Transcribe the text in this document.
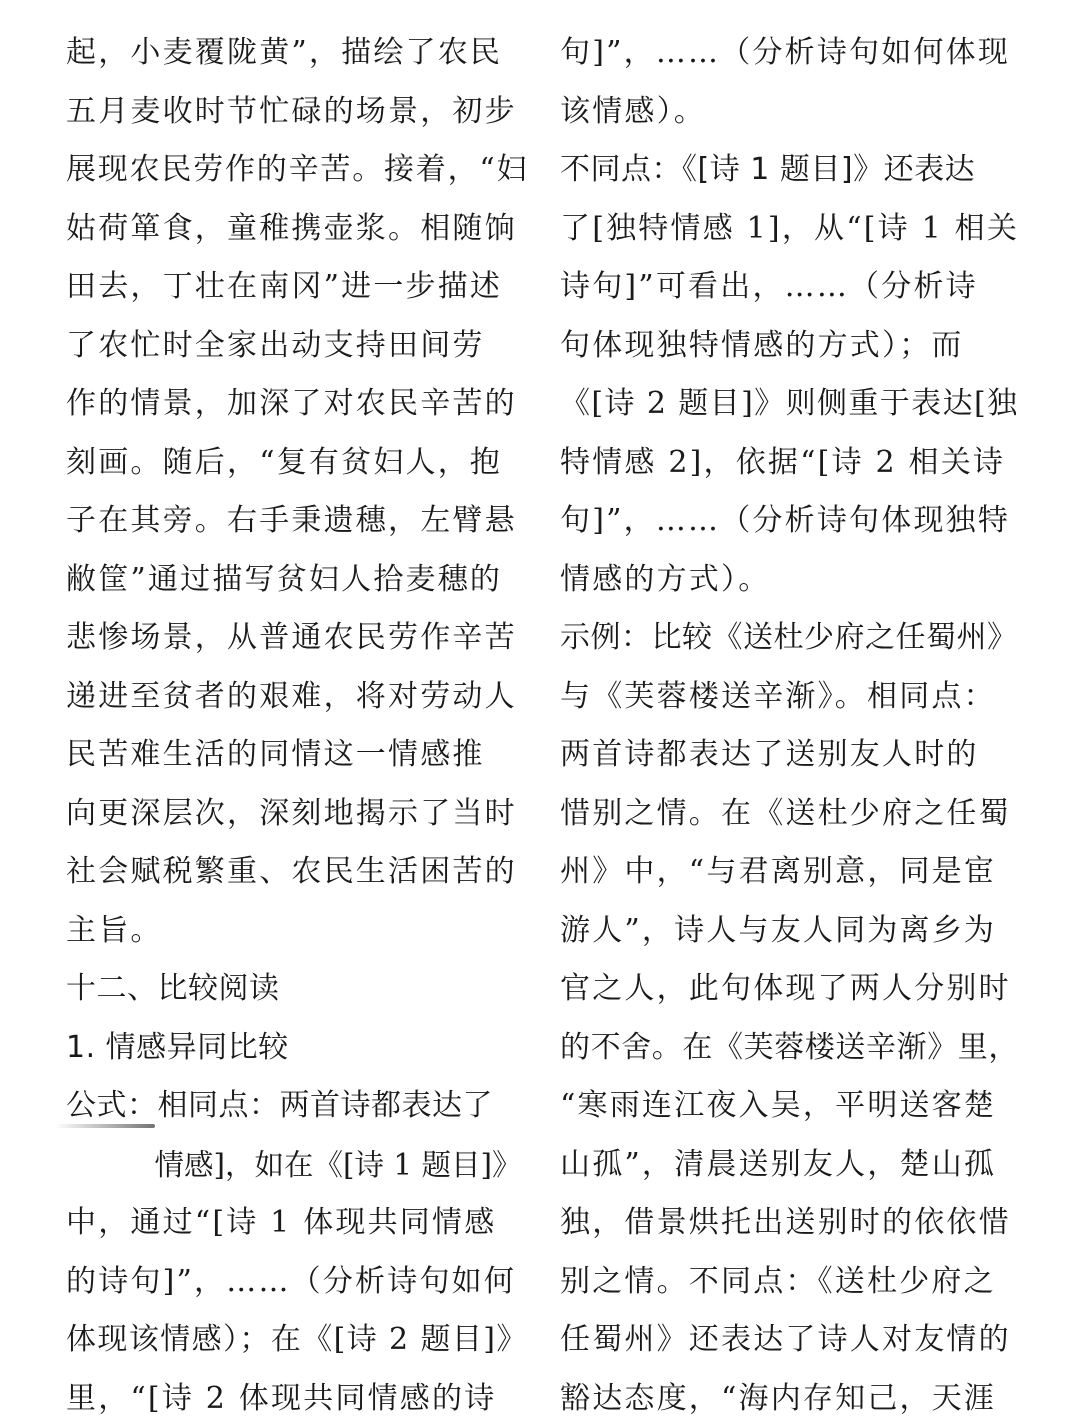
起，小麦覆陇黄”，描绘了农民
五月麦收时节忙碌的场景，初步
展现农民劳作的辛苦。接着，“妇
姑荷箪食，童稚携壶浆。相随饷
田去，丁壮在南冈”进一步描述
了农忙时全家出动支持田间劳
作的情景，加深了对农民辛苦的
刻画。随后，“复有贫妇人，抱
子在其旁。右手秉遗穗，左臂悬
敝筐”通过描写贫妇人拾麦穗的
悲惨场景，从普通农民劳作辛苦
递进至贫者的艰难，将对劳动人
民苦难生活的同情这一情感推
向更深层次，深刻地揭示了当时
社会赋税繁重、农民生活困苦的
主旨。
十二、比较阅读
1. 情感异同比较
公式：相同点：两首诗都表达了
　　　情感]，如在《[诗 1 题目]》
中，通过“[诗 1 体现共同情感
的诗句]”，……（分析诗句如何
体现该情感）；在《[诗 2 题目]》
里，“[诗 2 体现共同情感的诗
句]”，……（分析诗句如何体现
该情感）。
不同点：《[诗 1 题目]》还表达
了[独特情感 1]，从“[诗 1 相关
诗句]”可看出，……（分析诗
句体现独特情感的方式）；而
《[诗 2 题目]》则侧重于表达[独
特情感 2]，依据“[诗 2 相关诗
句]”，……（分析诗句体现独特
情感的方式）。
示例：比较《送杜少府之任蜀州》
与《芙蓉楼送辛渐》。相同点：
两首诗都表达了送别友人时的
惜别之情。在《送杜少府之任蜀
州》中，“与君离别意，同是宦
游人”，诗人与友人同为离乡为
官之人，此句体现了两人分别时
的不舍。在《芙蓉楼送辛渐》里，
“寒雨连江夜入吴，平明送客楚
山孤”，清晨送别友人，楚山孤
独，借景烘托出送别时的依依惜
别之情。不同点：《送杜少府之
任蜀州》还表达了诗人对友情的
豁达态度，“海内存知己，天涯
